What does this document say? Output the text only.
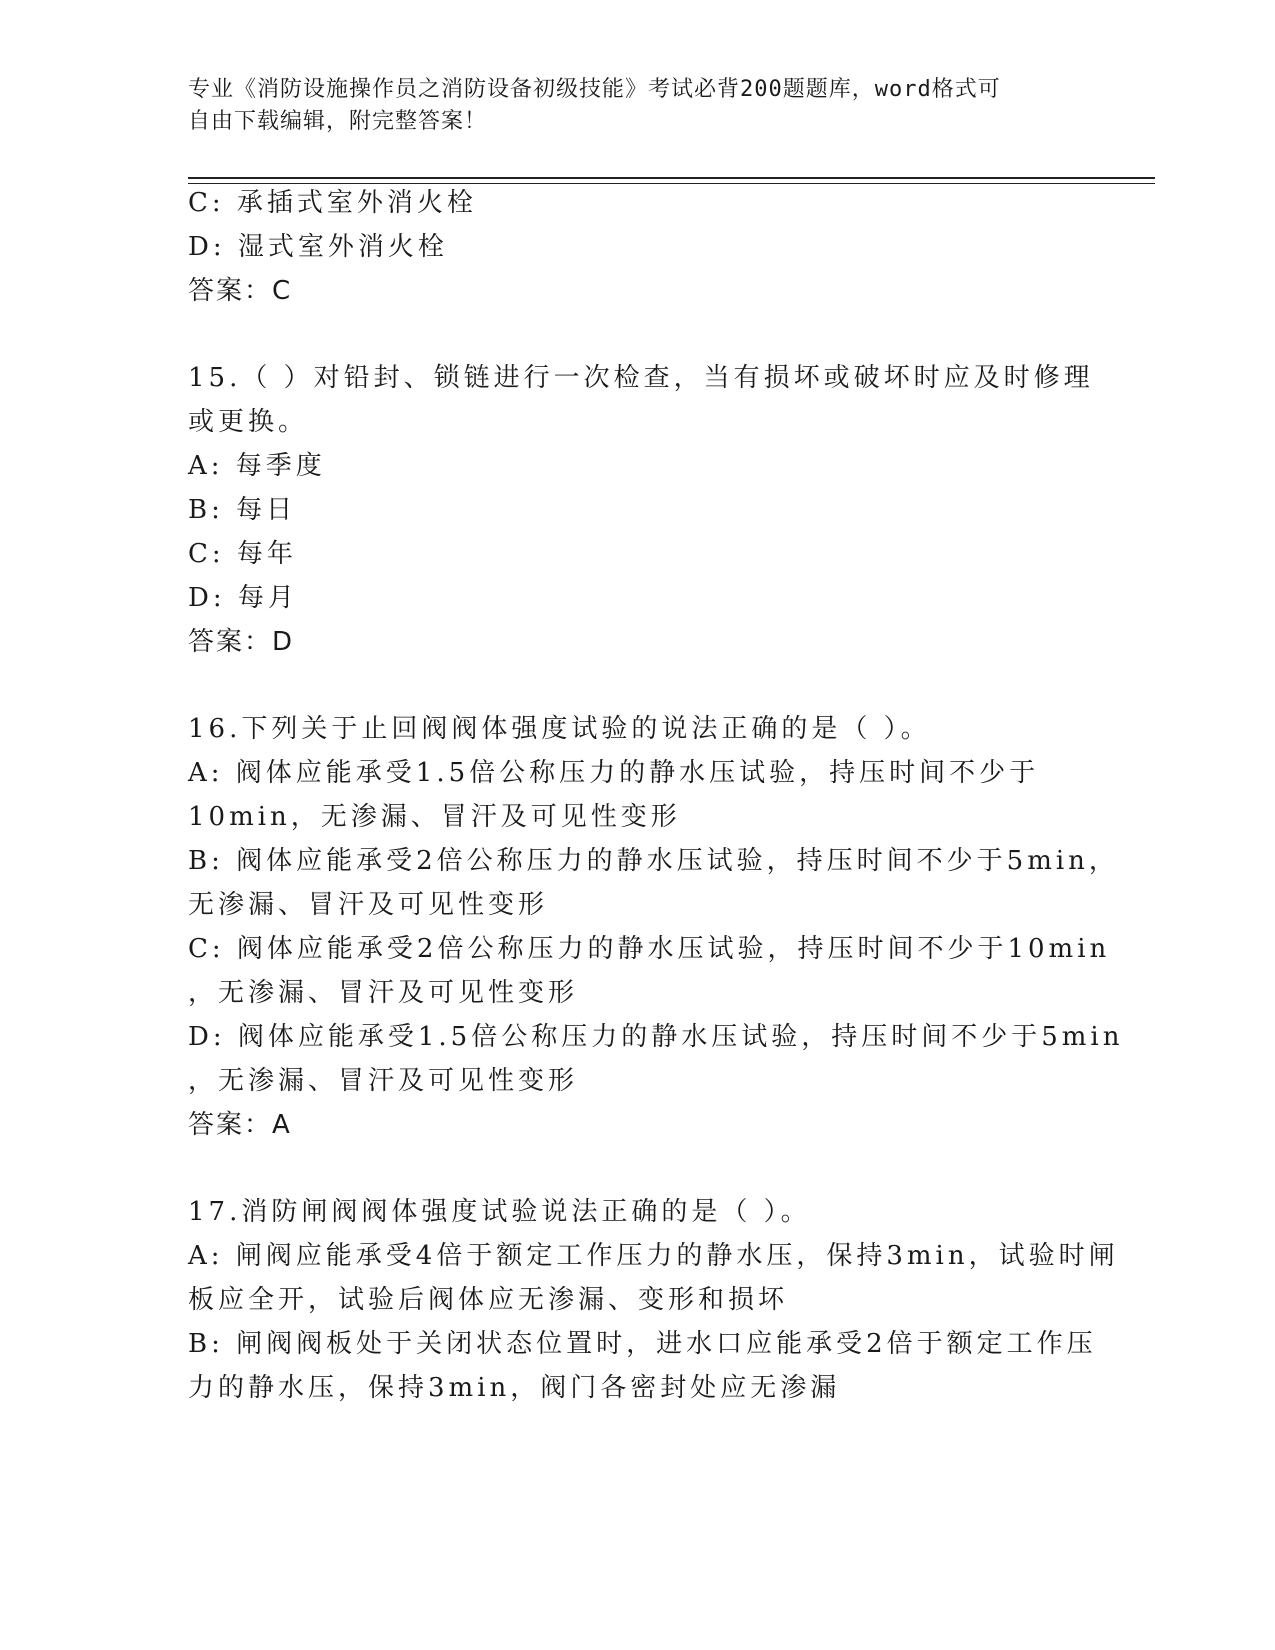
专业《消防设施操作员之消防设备初级技能》考试必背200题题库，word格式可
自由下载编辑，附完整答案！
C: 承插式室外消火栓
D: 湿式室外消火栓
答案：C
15.（ ）对铅封、锁链进行一次检查，当有损坏或破坏时应及时修理
或更换。
A: 每季度
B: 每日
C: 每年
D: 每月
答案：D
16.下列关于止回阀阀体强度试验的说法正确的是（ ）。
A: 阀体应能承受1.5倍公称压力的静水压试验，持压时间不少于
10min，无渗漏、冒汗及可见性变形
B: 阀体应能承受2倍公称压力的静水压试验，持压时间不少于5min，
无渗漏、冒汗及可见性变形
C: 阀体应能承受2倍公称压力的静水压试验，持压时间不少于10min
，无渗漏、冒汗及可见性变形
D: 阀体应能承受1.5倍公称压力的静水压试验，持压时间不少于5min
，无渗漏、冒汗及可见性变形
答案：A
17.消防闸阀阀体强度试验说法正确的是（ ）。
A: 闸阀应能承受4倍于额定工作压力的静水压，保持3min，试验时闸
板应全开，试验后阀体应无渗漏、变形和损坏
B: 闸阀阀板处于关闭状态位置时，进水口应能承受2倍于额定工作压
力的静水压，保持3min，阀门各密封处应无渗漏
